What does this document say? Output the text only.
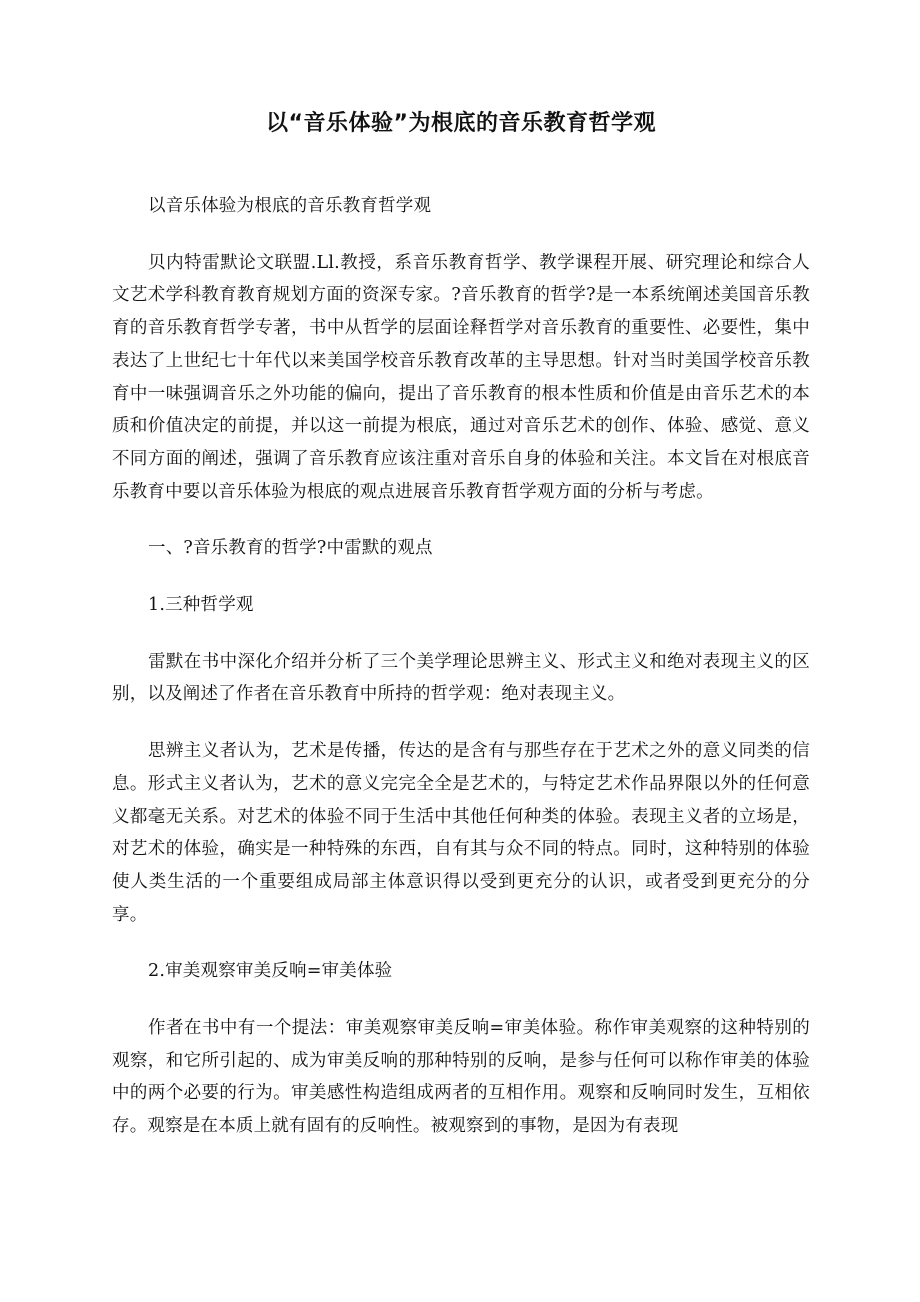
以“音乐体验”为根底的音乐教育哲学观

以音乐体验为根底的音乐教育哲学观

贝内特雷默论文联盟.Ll.教授，系音乐教育哲学、教学课程开展、研究理论和综合人文艺术学科教育教育规划方面的资深专家。?音乐教育的哲学?是一本系统阐述美国音乐教育的音乐教育哲学专著，书中从哲学的层面诠释哲学对音乐教育的重要性、必要性，集中表达了上世纪七十年代以来美国学校音乐教育改革的主导思想。针对当时美国学校音乐教育中一味强调音乐之外功能的偏向，提出了音乐教育的根本性质和价值是由音乐艺术的本质和价值决定的前提，并以这一前提为根底，通过对音乐艺术的创作、体验、感觉、意义不同方面的阐述，强调了音乐教育应该注重对音乐自身的体验和关注。本文旨在对根底音乐教育中要以音乐体验为根底的观点进展音乐教育哲学观方面的分析与考虑。

一、?音乐教育的哲学?中雷默的观点

1.三种哲学观

雷默在书中深化介绍并分析了三个美学理论思辨主义、形式主义和绝对表现主义的区别，以及阐述了作者在音乐教育中所持的哲学观：绝对表现主义。

思辨主义者认为，艺术是传播，传达的是含有与那些存在于艺术之外的意义同类的信息。形式主义者认为，艺术的意义完完全全是艺术的，与特定艺术作品界限以外的任何意义都毫无关系。对艺术的体验不同于生活中其他任何种类的体验。表现主义者的立场是，对艺术的体验，确实是一种特殊的东西，自有其与众不同的特点。同时，这种特别的体验使人类生活的一个重要组成局部主体意识得以受到更充分的认识，或者受到更充分的分享。

2.审美观察审美反响=审美体验

作者在书中有一个提法：审美观察审美反响=审美体验。称作审美观察的这种特别的观察，和它所引起的、成为审美反响的那种特别的反响，是参与任何可以称作审美的体验中的两个必要的行为。审美感性构造组成两者的互相作用。观察和反响同时发生，互相依存。观察是在本质上就有固有的反响性。被观察到的事物，是因为有表现
